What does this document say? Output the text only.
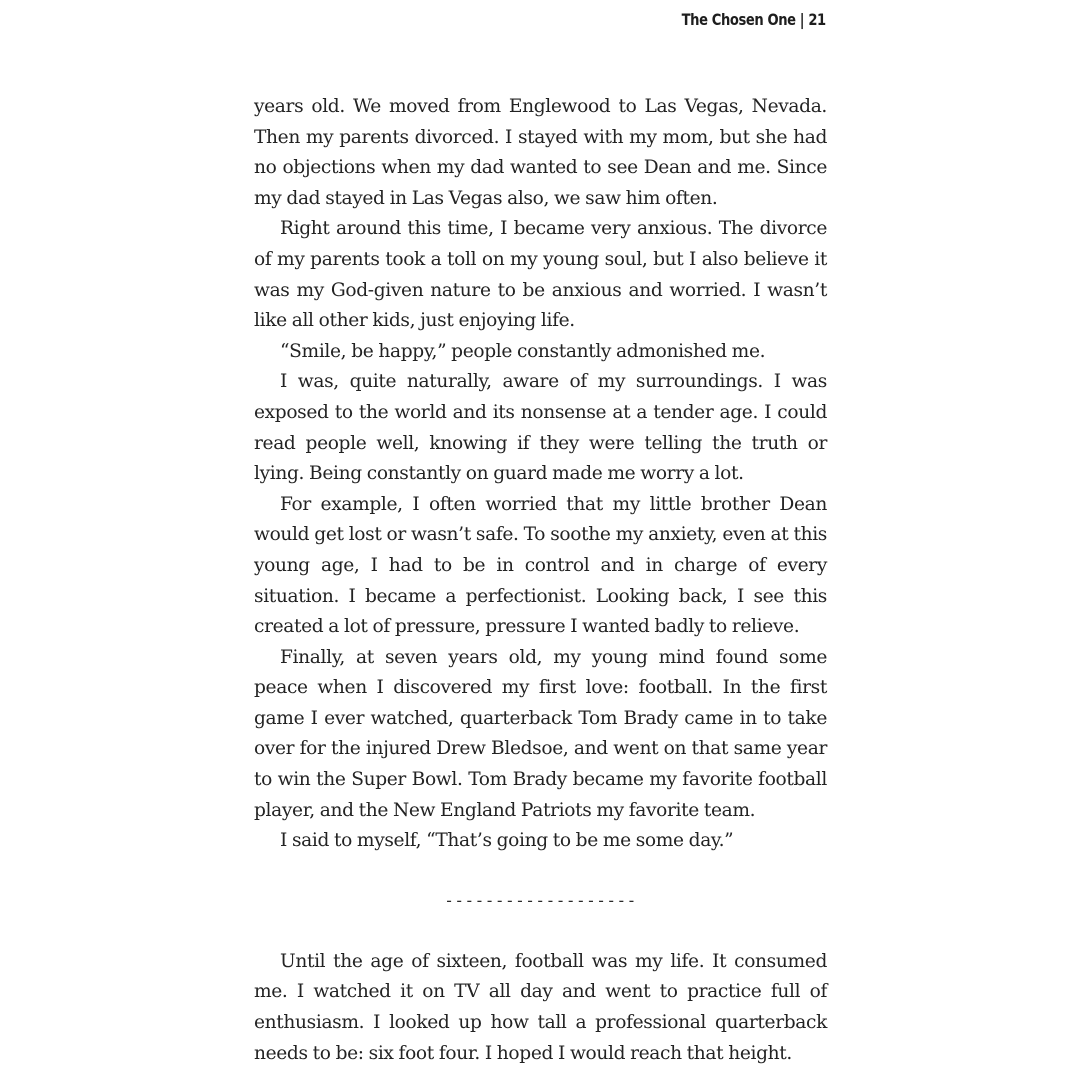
The Chosen One | 21

years old. We moved from Englewood to Las Vegas, Nevada. Then my parents divorced. I stayed with my mom, but she had no objections when my dad wanted to see Dean and me. Since my dad stayed in Las Vegas also, we saw him often.

Right around this time, I became very anxious. The divorce of my parents took a toll on my young soul, but I also believe it was my God-given nature to be anxious and worried. I wasn’t like all other kids, just enjoying life.

“Smile, be happy,” people constantly admonished me.

I was, quite naturally, aware of my surroundings. I was exposed to the world and its nonsense at a tender age. I could read people well, knowing if they were telling the truth or lying. Being constantly on guard made me worry a lot.

For example, I often worried that my little brother Dean would get lost or wasn’t safe. To soothe my anxiety, even at this young age, I had to be in control and in charge of every situation. I became a perfectionist. Looking back, I see this created a lot of pressure, pressure I wanted badly to relieve.

Finally, at seven years old, my young mind found some peace when I discovered my first love: football. In the first game I ever watched, quarterback Tom Brady came in to take over for the injured Drew Bledsoe, and went on that same year to win the Super Bowl. Tom Brady became my favorite football player, and the New England Patriots my favorite team.

I said to myself, “That’s going to be me some day.”

-------------------

Until the age of sixteen, football was my life. It consumed me. I watched it on TV all day and went to practice full of enthusiasm. I looked up how tall a professional quarterback needs to be: six foot four. I hoped I would reach that height.
